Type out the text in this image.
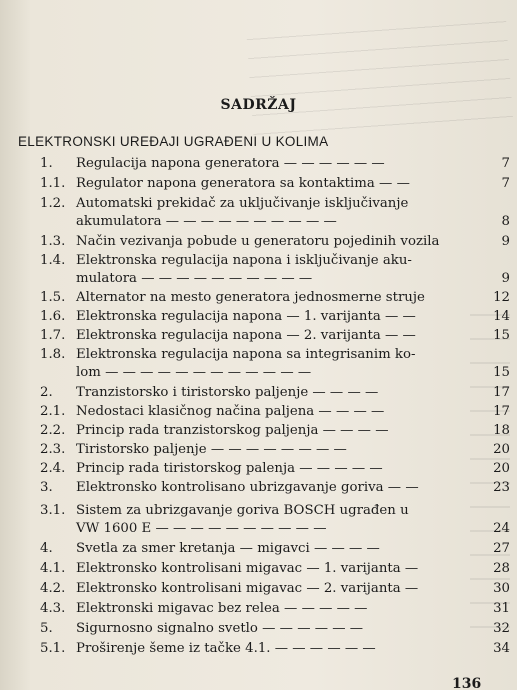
SADRŽAJ
ELEKTRONSKI UREĐAJI UGRAĐENI U KOLIMA
1.	Regulacija napona generatora — — — — — —	7
1.1. Regulator napona generatora sa kontaktima — —	7
1.2. Automatski prekidač za uključivanje isključivanje
akumulatora — — — — — — — — — —	8
1.3. Način vezivanja pobude u generatoru pojedinih vozila	9
1.4. Elektronska regulacija napona i isključivanje aku-
mulatora — — — — — — — — — —	9
1.5. Alternator na mesto generatora jednosmerne struje	12
1.6. Elektronska regulacija napona — 1. varijanta — —	14
1.7. Elektronska regulacija napona — 2. varijanta — —	15
1.8. Elektronska regulacija napona sa integrisanim ko-
lom — — — — — — — — — — — —	15
2.	Tranzistorsko i tiristorsko paljenje — — — —	17
2.1. Nedostaci klasičnog načina paljena — — — —	17
2.2. Princip rada tranzistorskog paljenja — — — —	18
2.3. Tiristorsko paljenje — — — — — — — —	20
2.4. Princip rada tiristorskog palenja — — — — —	20
3.	Elektronsko kontrolisano ubrizgavanje goriva — —	23
3.1. Sistem za ubrizgavanje goriva BOSCH ugrađen u
VW 1600 E — — — — — — — — — —	24
4.	Svetla za smer kretanja — migavci — — — —	27
4.1. Elektronsko kontrolisani migavac — 1. varijanta —	28
4.2. Elektronsko kontrolisani migavac — 2. varijanta —	30
4.3. Elektronski migavac bez relea — — — — —	31
5.	Sigurnosno signalno svetlo — — — — — —	32
5.1. Proširenje šeme iz tačke 4.1. — — — — — —	34
136
